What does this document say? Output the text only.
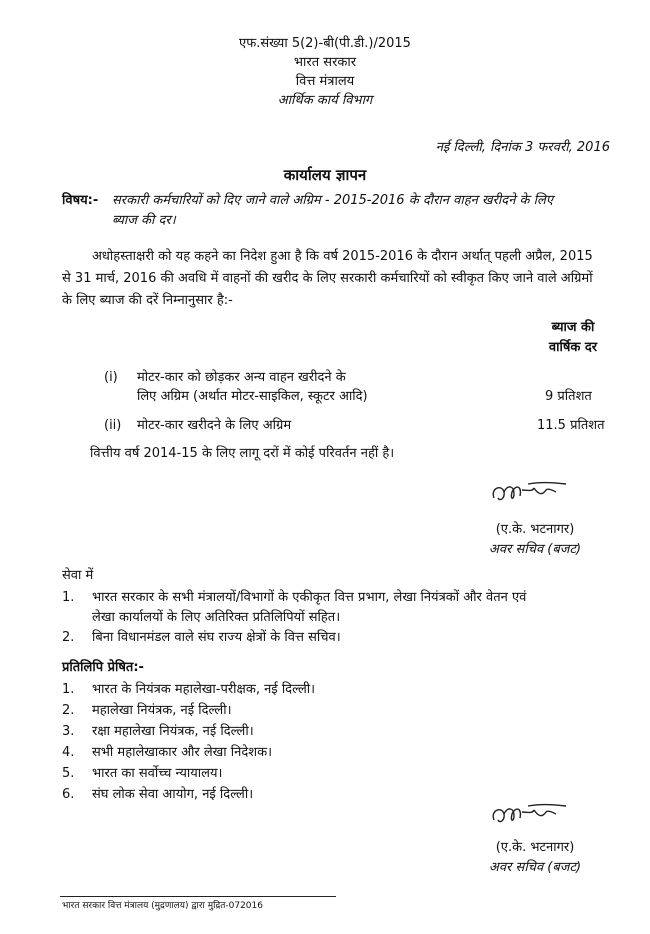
एफ.संख्या 5(2)-बी(पी.डी.)/2015
भारत सरकार
वित्त मंत्रालय
आर्थिक कार्य विभाग
नई दिल्ली, दिनांक 3 फरवरी, 2016
कार्यालय ज्ञापन
विषय:- सरकारी कर्मचारियों को दिए जाने वाले अग्रिम - 2015-2016 के दौरान वाहन खरीदने के लिए
ब्याज की दर।
अधोहस्ताक्षरी को यह कहने का निदेश हुआ है कि वर्ष 2015-2016 के दौरान अर्थात् पहली अप्रैल, 2015
से 31 मार्च, 2016 की अवधि में वाहनों की खरीद के लिए सरकारी कर्मचारियों को स्वीकृत किए जाने वाले अग्रिमों
के लिए ब्याज की दरें निम्नानुसार है:-
ब्याज की
वार्षिक दर
(i) मोटर-कार को छोड़कर अन्य वाहन खरीदने के
लिए अग्रिम (अर्थात मोटर-साइकिल, स्कूटर आदि)	9 प्रतिशत
(ii) मोटर-कार खरीदने के लिए अग्रिम	11.5 प्रतिशत
वित्तीय वर्ष 2014-15 के लिए लागू दरों में कोई परिवर्तन नहीं है।
(ए.के. भटनागर)
अवर सचिव (बजट)
सेवा में
1. भारत सरकार के सभी मंत्रालयों/विभागों के एकीकृत वित्त प्रभाग, लेखा नियंत्रकों और वेतन एवं
लेखा कार्यालयों के लिए अतिरिक्त प्रतिलिपियों सहित।
2. बिना विधानमंडल वाले संघ राज्य क्षेत्रों के वित्त सचिव।
प्रतिलिपि प्रेषित:-
1. भारत के नियंत्रक महालेखा-परीक्षक, नई दिल्ली।
2. महालेखा नियंत्रक, नई दिल्ली।
3. रक्षा महालेखा नियंत्रक, नई दिल्ली।
4. सभी महालेखाकार और लेखा निदेशक।
5. भारत का सर्वोच्च न्यायालय।
6. संघ लोक सेवा आयोग, नई दिल्ली।
(ए.के. भटनागर)
अवर सचिव (बजट)
भारत सरकार वित्त मंत्रालय (मुद्रणालय) द्वारा मुद्रित-072016
